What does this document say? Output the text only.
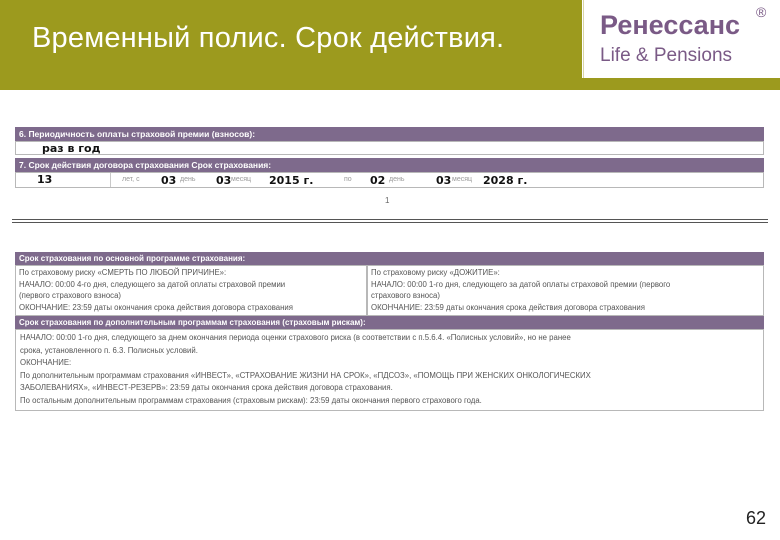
Временный полис. Срок действия.	Ренессанс ®
Life & Pensions
6. Периодичность оплаты страховой премии (взносов):
раз в год
7. Срок действия договора страхования Срок страхования:
13	лет, с 03 день 03 месяц 2015 г.	по 02 день	03 месяц 2028 г.
1
Срок страхования по основной программе страхования:
По страховому риску «СМЕРТЬ ПО ЛЮБОЙ ПРИЧИНЕ»:
НАЧАЛО: 00:00 4-го дня, следующего за датой оплаты страховой премии
(первого страхового взноса)
ОКОНЧАНИЕ: 23:59 даты окончания срока действия договора страхования
По страховому риску «ДОЖИТИЕ»:
НАЧАЛО: 00:00 1-го дня, следующего за датой оплаты страховой премии (первого
страхового взноса)
ОКОНЧАНИЕ: 23:59 даты окончания срока действия договора страхования
Срок страхования по дополнительным программам страхования (страховым рискам):
НАЧАЛО: 00:00 1-го дня, следующего за днем окончания периода оценки страхового риска (в соответствии с п.5.6.4. «Полисных условий», но не ранее
срока, установленного п. 6.3. Полисных условий.
ОКОНЧАНИЕ:
По дополнительным программам страхования «ИНВЕСТ», «СТРАХОВАНИЕ ЖИЗНИ НА СРОК», «ПДСОЗ», «ПОМОЩЬ ПРИ ЖЕНСКИХ ОНКОЛОГИЧЕСКИХ
ЗАБОЛЕВАНИЯХ», «ИНВЕСТ-РЕЗЕРВ»: 23:59 даты окончания срока действия договора страхования.
По остальным дополнительным программам страхования (страховым рискам): 23:59 даты окончания первого страхового года.
62
